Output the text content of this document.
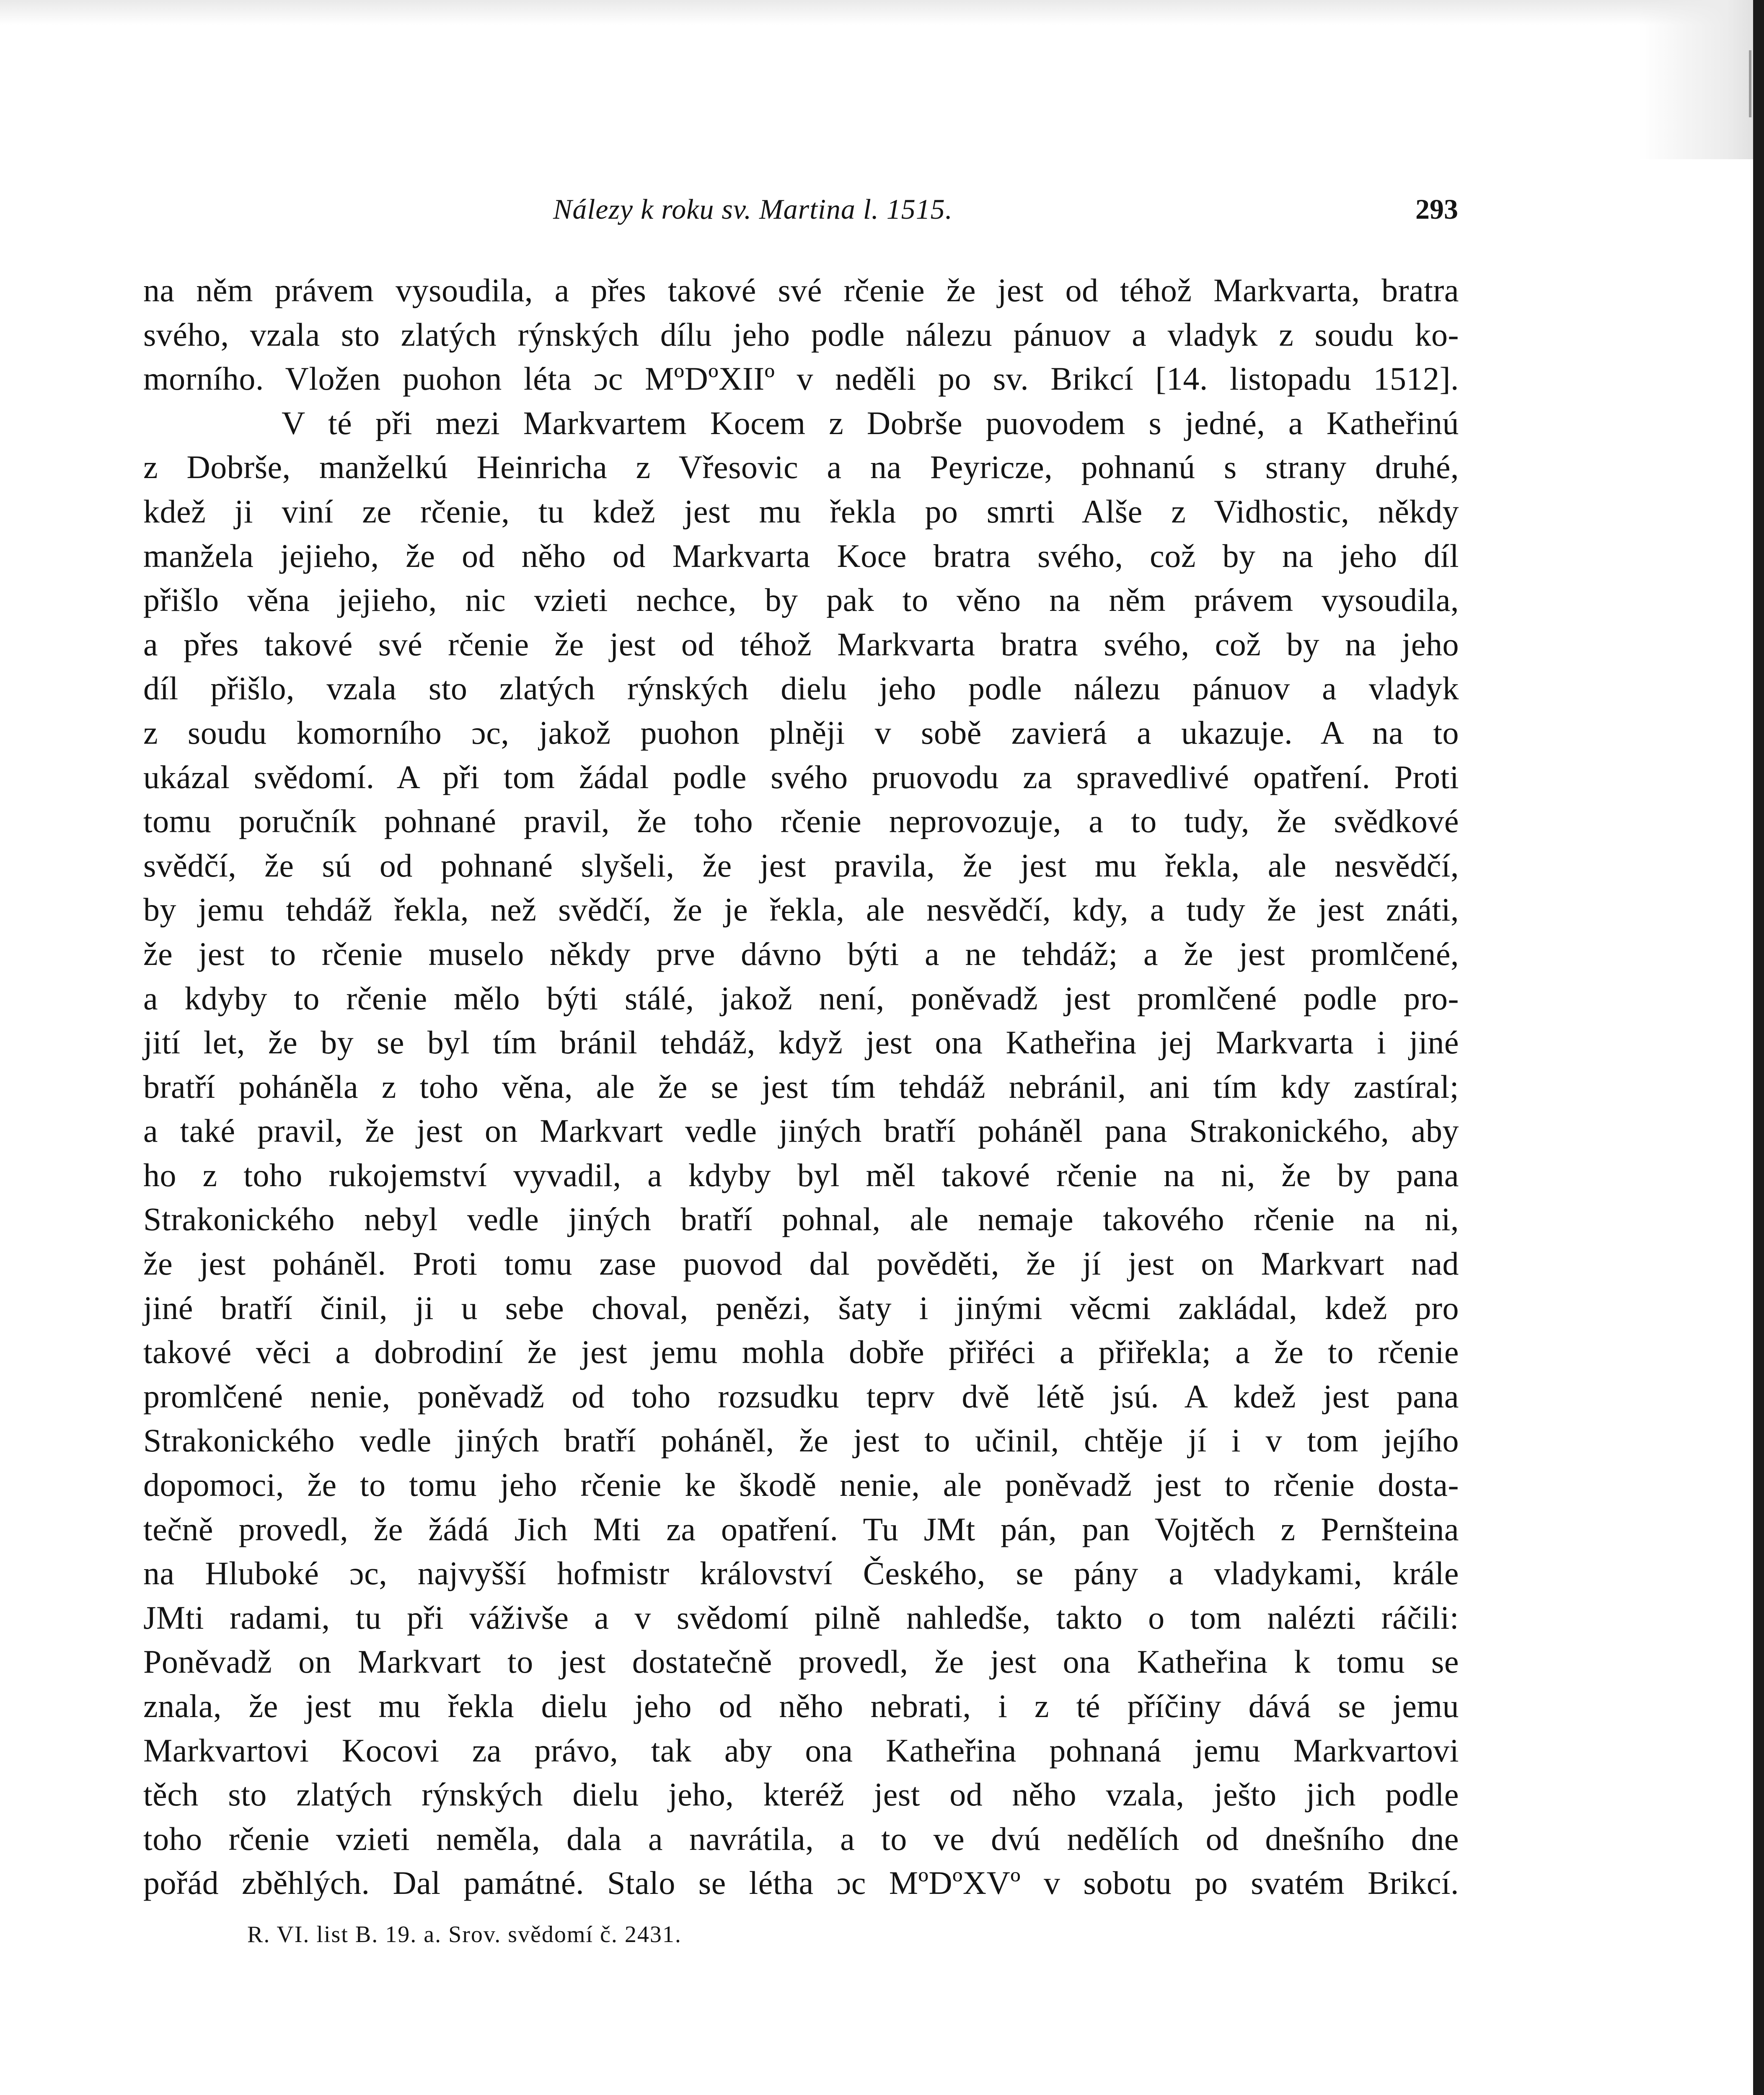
Nálezy k roku sv. Martina l. 1515.	293
na něm právem vysoudila, a přes takové své rčenie že jest od téhož Markvarta, bratra
svého, vzala sto zlatých rýnských dílu jeho podle nálezu pánuov a vladyk z soudu ko-
morního. Vložen puohon léta ɔc MºDºXIIº v neděli po sv. Brikcí [14. listopadu 1512].
V té při mezi Markvartem Kocem z Dobrše puovodem s jedné, a Katheřinú
z Dobrše, manželkú Heinricha z Vřesovic a na Peyricze, pohnanú s strany druhé,
kdež ji viní ze rčenie, tu kdež jest mu řekla po smrti Alše z Vidhostic, někdy
manžela jejieho, že od něho od Markvarta Koce bratra svého, což by na jeho díl
přišlo věna jejieho, nic vzieti nechce, by pak to věno na něm právem vysoudila,
a přes takové své rčenie že jest od téhož Markvarta bratra svého, což by na jeho
díl přišlo, vzala sto zlatých rýnských dielu jeho podle nálezu pánuov a vladyk
z soudu komorního ɔc, jakož puohon plněji v sobě zavierá a ukazuje. A na to
ukázal svědomí. A při tom žádal podle svého pruovodu za spravedlivé opatření. Proti
tomu poručník pohnané pravil, že toho rčenie neprovozuje, a to tudy, že svědkové
svědčí, že sú od pohnané slyšeli, že jest pravila, že jest mu řekla, ale nesvědčí,
by jemu tehdáž řekla, než svědčí, že je řekla, ale nesvědčí, kdy, a tudy že jest znáti,
že jest to rčenie muselo někdy prve dávno býti a ne tehdáž; a že jest promlčené,
a kdyby to rčenie mělo býti stálé, jakož není, poněvadž jest promlčené podle pro-
jití let, že by se byl tím bránil tehdáž, když jest ona Katheřina jej Markvarta i jiné
bratří poháněla z toho věna, ale že se jest tím tehdáž nebránil, ani tím kdy zastíral;
a také pravil, že jest on Markvart vedle jiných bratří poháněl pana Strakonického, aby
ho z toho rukojemství vyvadil, a kdyby byl měl takové rčenie na ni, že by pana
Strakonického nebyl vedle jiných bratří pohnal, ale nemaje takového rčenie na ni,
že jest poháněl. Proti tomu zase puovod dal pověděti, že jí jest on Markvart nad
jiné bratří činil, ji u sebe choval, penězi, šaty i jinými věcmi zakládal, kdež pro
takové věci a dobrodiní že jest jemu mohla dobře přiřéci a přiřekla; a že to rčenie
promlčené nenie, poněvadž od toho rozsudku teprv dvě létě jsú. A kdež jest pana
Strakonického vedle jiných bratří poháněl, že jest to učinil, chtěje jí i v tom jejího
dopomoci, že to tomu jeho rčenie ke škodě nenie, ale poněvadž jest to rčenie dosta-
tečně provedl, že žádá Jich Mti za opatření. Tu JMt pán, pan Vojtěch z Pernšteina
na Hluboké ɔc, najvyšší hofmistr království Českého, se pány a vladykami, krále
JMti radami, tu při váživše a v svědomí pilně nahledše, takto o tom nalézti ráčili:
Poněvadž on Markvart to jest dostatečně provedl, že jest ona Katheřina k tomu se
znala, že jest mu řekla dielu jeho od něho nebrati, i z té příčiny dává se jemu
Markvartovi Kocovi za právo, tak aby ona Katheřina pohnaná jemu Markvartovi
těch sto zlatých rýnských dielu jeho, kteréž jest od něho vzala, ješto jich podle
toho rčenie vzieti neměla, dala a navrátila, a to ve dvú nedělích od dnešního dne
pořád zběhlých. Dal památné. Stalo se létha ɔc MºDºXVº v sobotu po svatém Brikcí.
R. VI. list B. 19. a. Srov. svědomí č. 2431.
